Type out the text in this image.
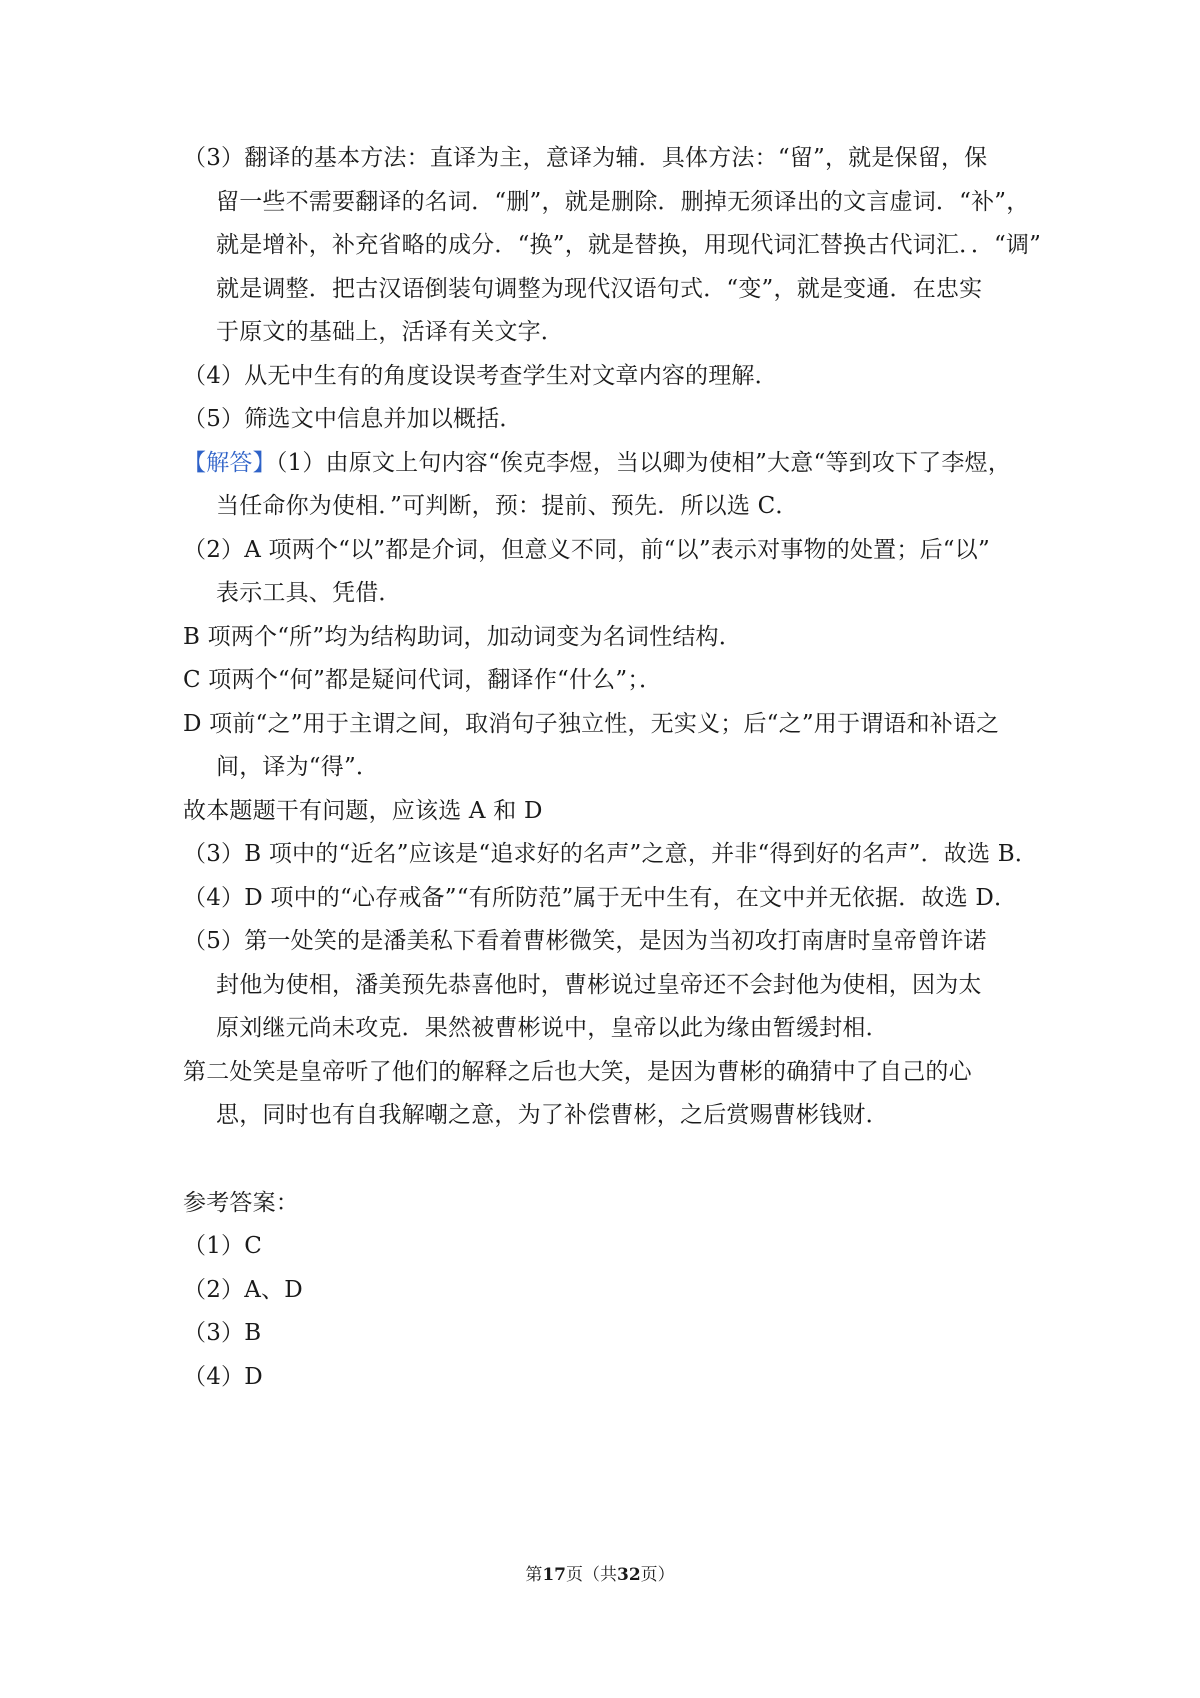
（3）翻译的基本方法：直译为主，意译为辅．具体方法：“留”，就是保留，保
留一些不需要翻译的名词．“删”，就是删除．删掉无须译出的文言虚词．“补”，
就是增补，补充省略的成分．“换”，就是替换，用现代词汇替换古代词汇．．“调”
就是调整．把古汉语倒装句调整为现代汉语句式．“变”，就是变通．在忠实
于原文的基础上，活译有关文字．
（4）从无中生有的角度设误考查学生对文章内容的理解．
（5）筛选文中信息并加以概括．
【解答】（1）由原文上句内容“俟克李煜，当以卿为使相”大意“等到攻下了李煜，
当任命你为使相．”可判断，预：提前、预先．所以选 C．
（2）A 项两个“以”都是介词，但意义不同，前“以”表示对事物的处置；后“以”
表示工具、凭借．
B 项两个“所”均为结构助词，加动词变为名词性结构．
C 项两个“何”都是疑问代词，翻译作“什么”；．
D 项前“之”用于主谓之间，取消句子独立性，无实义；后“之”用于谓语和补语之
间，译为“得”．
故本题题干有问题，应该选 A 和 D
（3）B 项中的“近名”应该是“追求好的名声”之意，并非“得到好的名声”．故选 B．
（4）D 项中的“心存戒备”“有所防范”属于无中生有，在文中并无依据．故选 D．
（5）第一处笑的是潘美私下看着曹彬微笑，是因为当初攻打南唐时皇帝曾许诺
封他为使相，潘美预先恭喜他时，曹彬说过皇帝还不会封他为使相，因为太
原刘继元尚未攻克．果然被曹彬说中，皇帝以此为缘由暂缓封相．
第二处笑是皇帝听了他们的解释之后也大笑，是因为曹彬的确猜中了自己的心
思，同时也有自我解嘲之意，为了补偿曹彬，之后赏赐曹彬钱财．
参考答案：
（1）C
（2）A、D
（3）B
（4）D
第17页（共32页）
